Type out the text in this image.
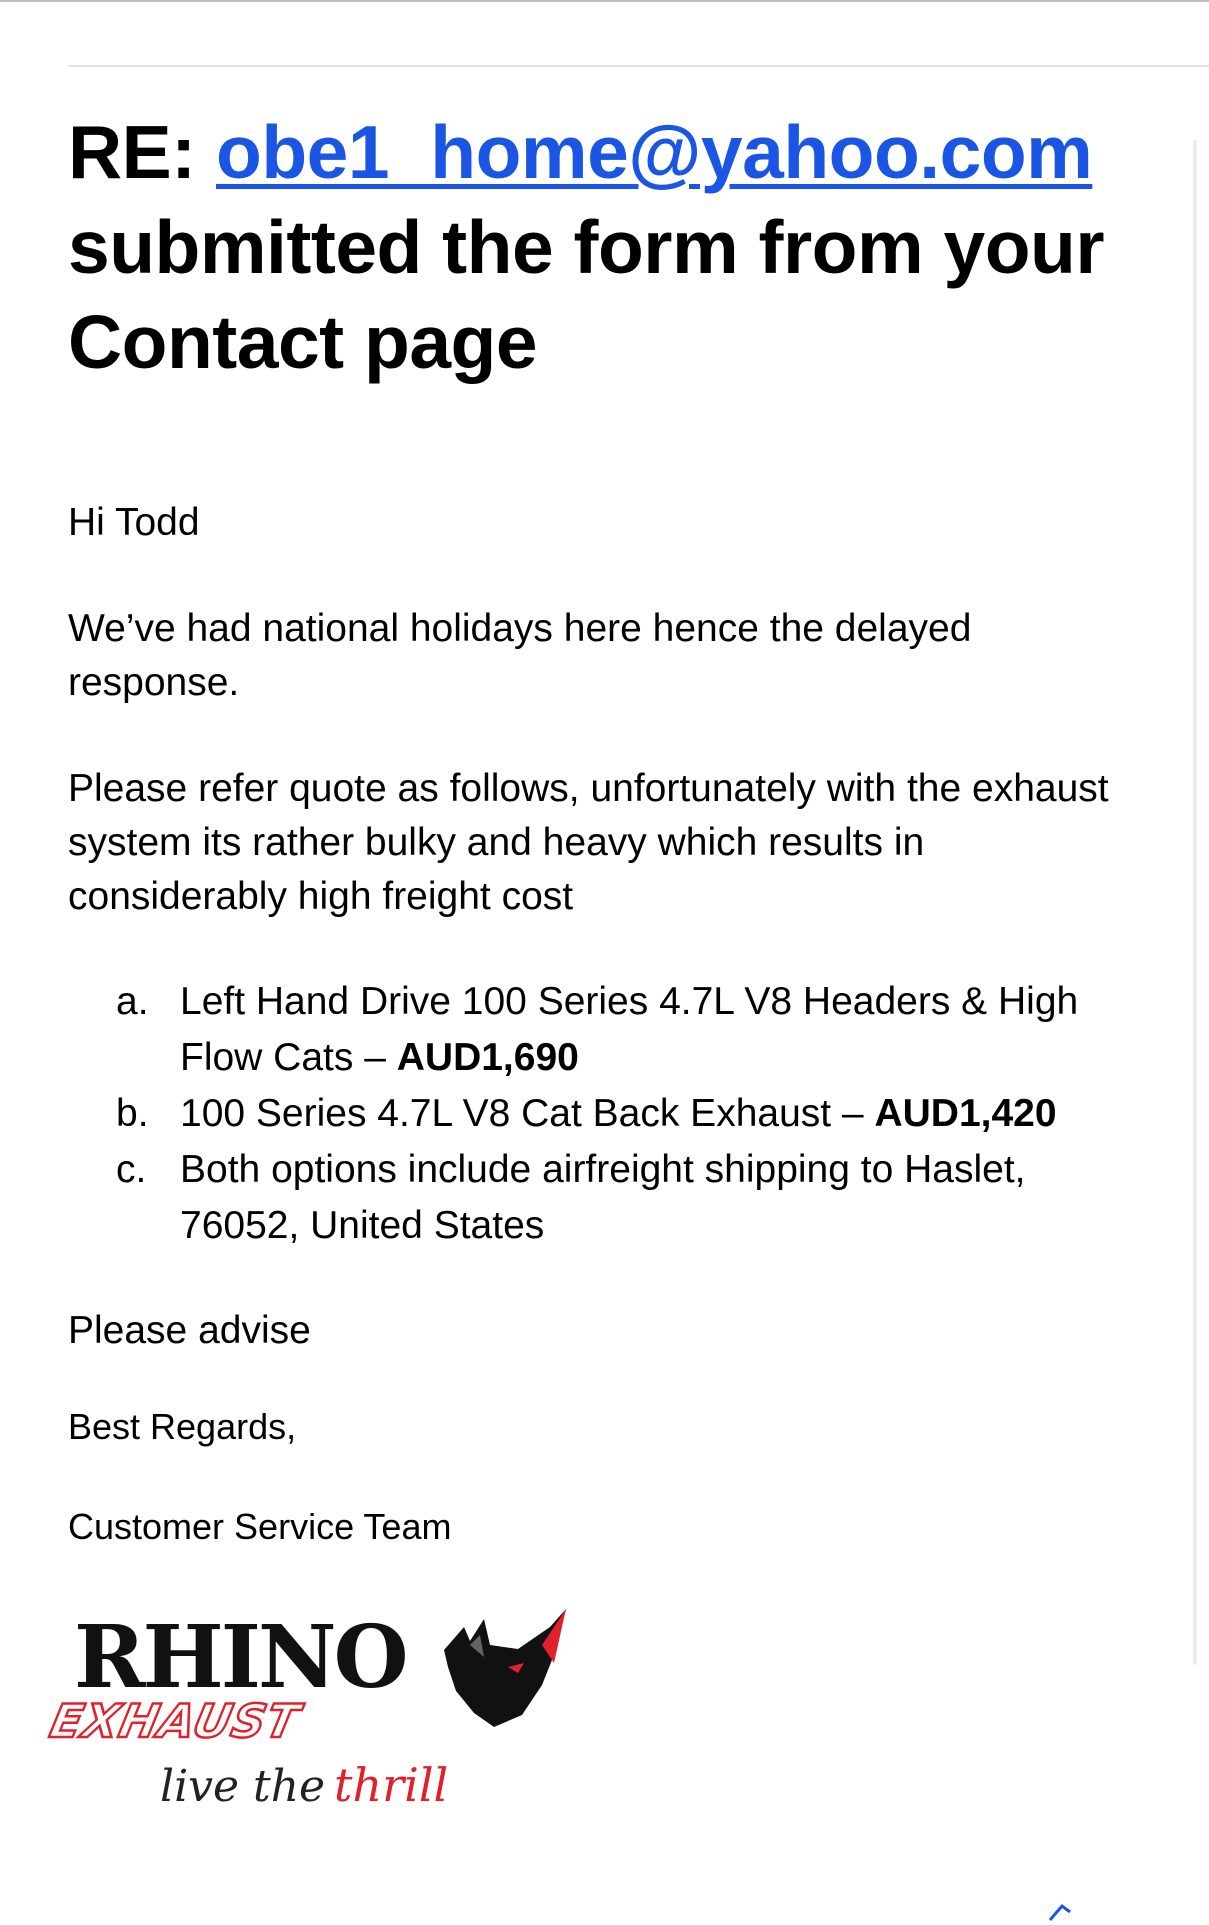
RE: obe1_home@yahoo.com submitted the form from your Contact page

Hi Todd

We’ve had national holidays here hence the delayed response.

Please refer quote as follows, unfortunately with the exhaust system its rather bulky and heavy which results in considerably high freight cost

a. Left Hand Drive 100 Series 4.7L V8 Headers & High Flow Cats – AUD1,690
b. 100 Series 4.7L V8 Cat Back Exhaust – AUD1,420
c. Both options include airfreight shipping to Haslet, 76052, United States

Please advise

Best Regards,

Customer Service Team

RHINO
EXHAUST
live the thrill
